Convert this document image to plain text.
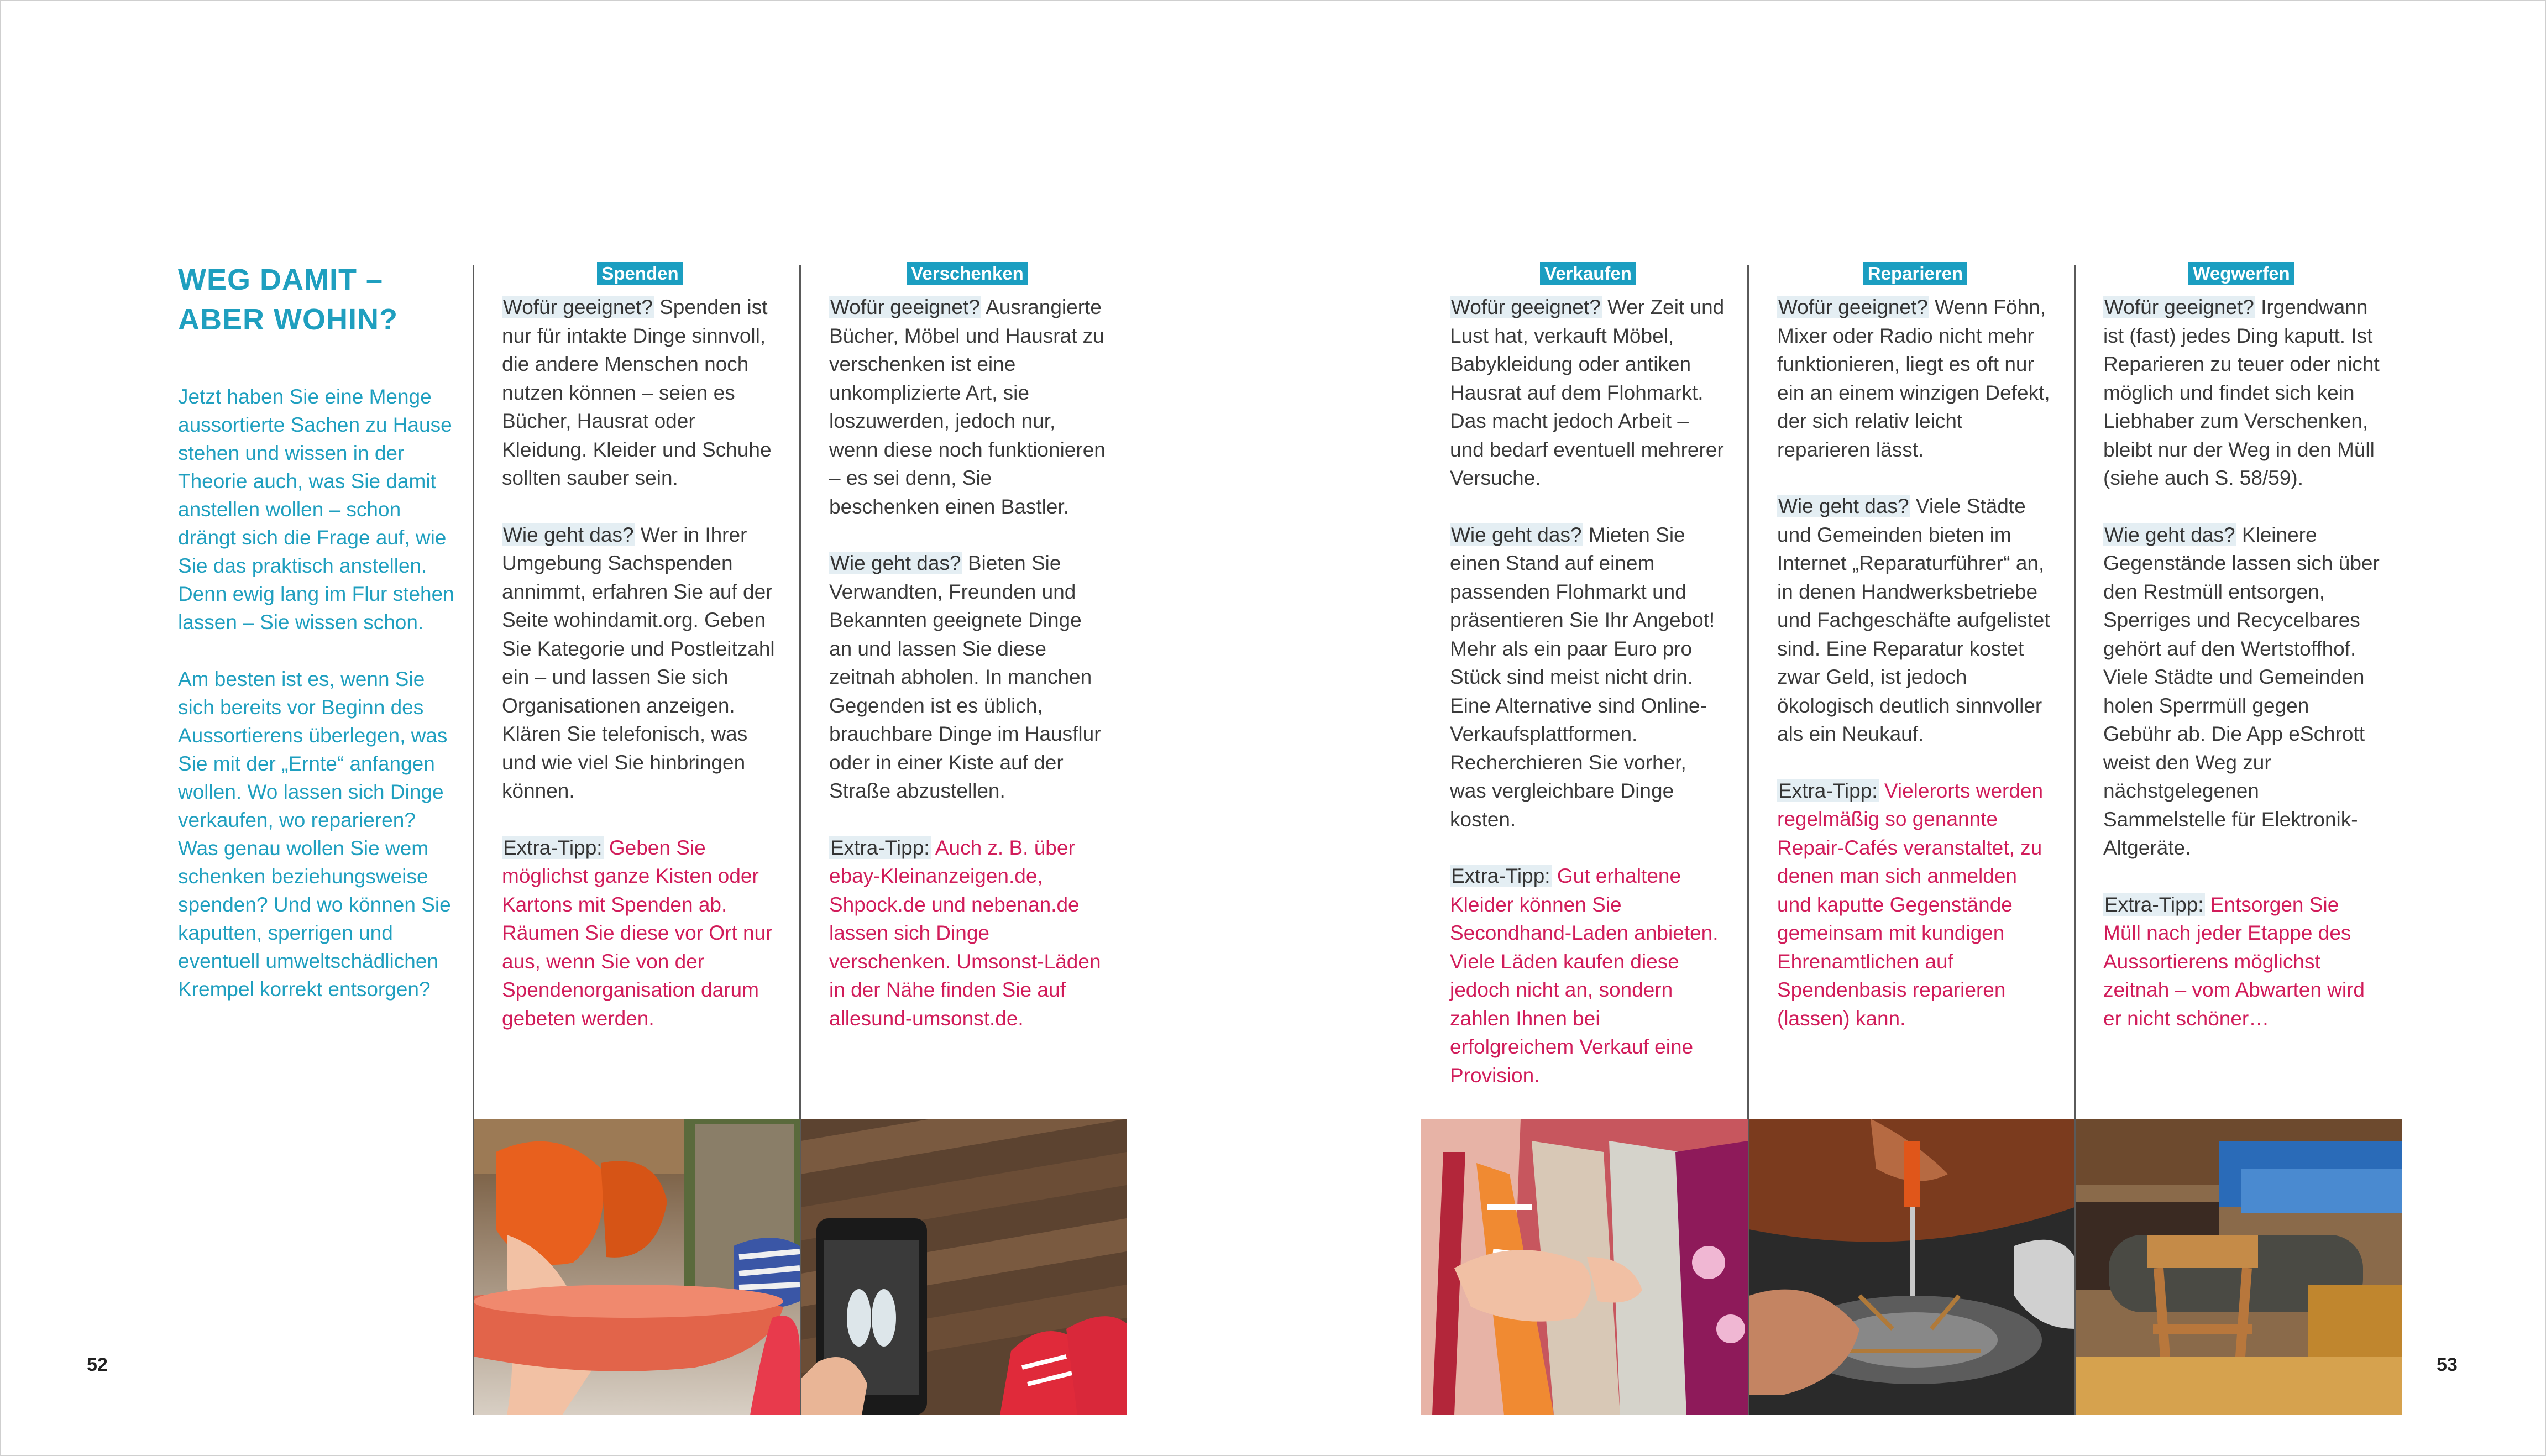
WEG DAMIT –
ABER WOHIN?

Jetzt haben Sie eine Menge aussortierte Sachen zu Hause stehen und wissen in der Theorie auch, was Sie damit anstellen wollen – schon drängt sich die Frage auf, wie Sie das praktisch anstellen. Denn ewig lang im Flur stehen lassen – Sie wissen schon.

Am besten ist es, wenn Sie sich bereits vor Beginn des Aussortierens überlegen, was Sie mit der „Ernte“ anfangen wollen. Wo lassen sich Dinge verkaufen, wo reparieren? Was genau wollen Sie wem schenken beziehungsweise spenden? Und wo können Sie kaputten, sperrigen und eventuell umweltschädlichen Krempel korrekt entsorgen?

Spenden

Wofür geeignet? Spenden ist nur für intakte Dinge sinnvoll, die andere Menschen noch nutzen können – seien es Bücher, Hausrat oder Kleidung. Kleider und Schuhe sollten sauber sein.

Wie geht das? Wer in Ihrer Umgebung Sachspenden annimmt, erfahren Sie auf der Seite wohindamit.org. Geben Sie Kategorie und Postleitzahl ein – und lassen Sie sich Organisationen anzeigen. Klären Sie telefonisch, was und wie viel Sie hinbringen können.

Extra-Tipp: Geben Sie möglichst ganze Kisten oder Kartons mit Spenden ab. Räumen Sie diese vor Ort nur aus, wenn Sie von der Spendenorganisation darum gebeten werden.

Verschenken

Wofür geeignet? Ausrangierte Bücher, Möbel und Hausrat zu verschenken ist eine unkomplizierte Art, sie loszuwerden, jedoch nur, wenn diese noch funktionieren – es sei denn, Sie beschenken einen Bastler.

Wie geht das? Bieten Sie Verwandten, Freunden und Bekannten geeignete Dinge an und lassen Sie diese zeitnah abholen. In manchen Gegenden ist es üblich, brauchbare Dinge im Hausflur oder in einer Kiste auf der Straße abzustellen.

Extra-Tipp: Auch z. B. über ebay-Kleinanzeigen.de, Shpock.de und nebenan.de lassen sich Dinge verschenken. Umsonst-Läden in der Nähe finden Sie auf allesund-umsonst.de.

Verkaufen

Wofür geeignet? Wer Zeit und Lust hat, verkauft Möbel, Babykleidung oder antiken Hausrat auf dem Flohmarkt. Das macht jedoch Arbeit – und bedarf eventuell mehrerer Versuche.

Wie geht das? Mieten Sie einen Stand auf einem passenden Flohmarkt und präsentieren Sie Ihr Angebot! Mehr als ein paar Euro pro Stück sind meist nicht drin. Eine Alternative sind Online-Verkaufsplattformen. Recherchieren Sie vorher, was vergleichbare Dinge kosten.

Extra-Tipp: Gut erhaltene Kleider können Sie Secondhand-Laden anbieten. Viele Läden kaufen diese jedoch nicht an, sondern zahlen Ihnen bei erfolgreichem Verkauf eine Provision.

Reparieren

Wofür geeignet? Wenn Föhn, Mixer oder Radio nicht mehr funktionieren, liegt es oft nur ein an einem winzigen Defekt, der sich relativ leicht reparieren lässt.

Wie geht das? Viele Städte und Gemeinden bieten im Internet „Reparaturführer“ an, in denen Handwerksbetriebe und Fachgeschäfte aufgelistet sind. Eine Reparatur kostet zwar Geld, ist jedoch ökologisch deutlich sinnvoller als ein Neukauf.

Extra-Tipp: Vielerorts werden regelmäßig so genannte Repair-Cafés veranstaltet, zu denen man sich anmelden und kaputte Gegenstände gemeinsam mit kundigen Ehrenamtlichen auf Spendenbasis reparieren (lassen) kann.

Wegwerfen

Wofür geeignet? Irgendwann ist (fast) jedes Ding kaputt. Ist Reparieren zu teuer oder nicht möglich und findet sich kein Liebhaber zum Verschenken, bleibt nur der Weg in den Müll (siehe auch S. 58/59).

Wie geht das? Kleinere Gegenstände lassen sich über den Restmüll entsorgen, Sperriges und Recycelbares gehört auf den Wertstoffhof. Viele Städte und Gemeinden holen Sperrmüll gegen Gebühr ab. Die App eSchrott weist den Weg zur nächstgelegenen Sammelstelle für Elektronik-Altgeräte.

Extra-Tipp: Entsorgen Sie Müll nach jeder Etappe des Aussortierens möglichst zeitnah – vom Abwarten wird er nicht schöner…

52	53
